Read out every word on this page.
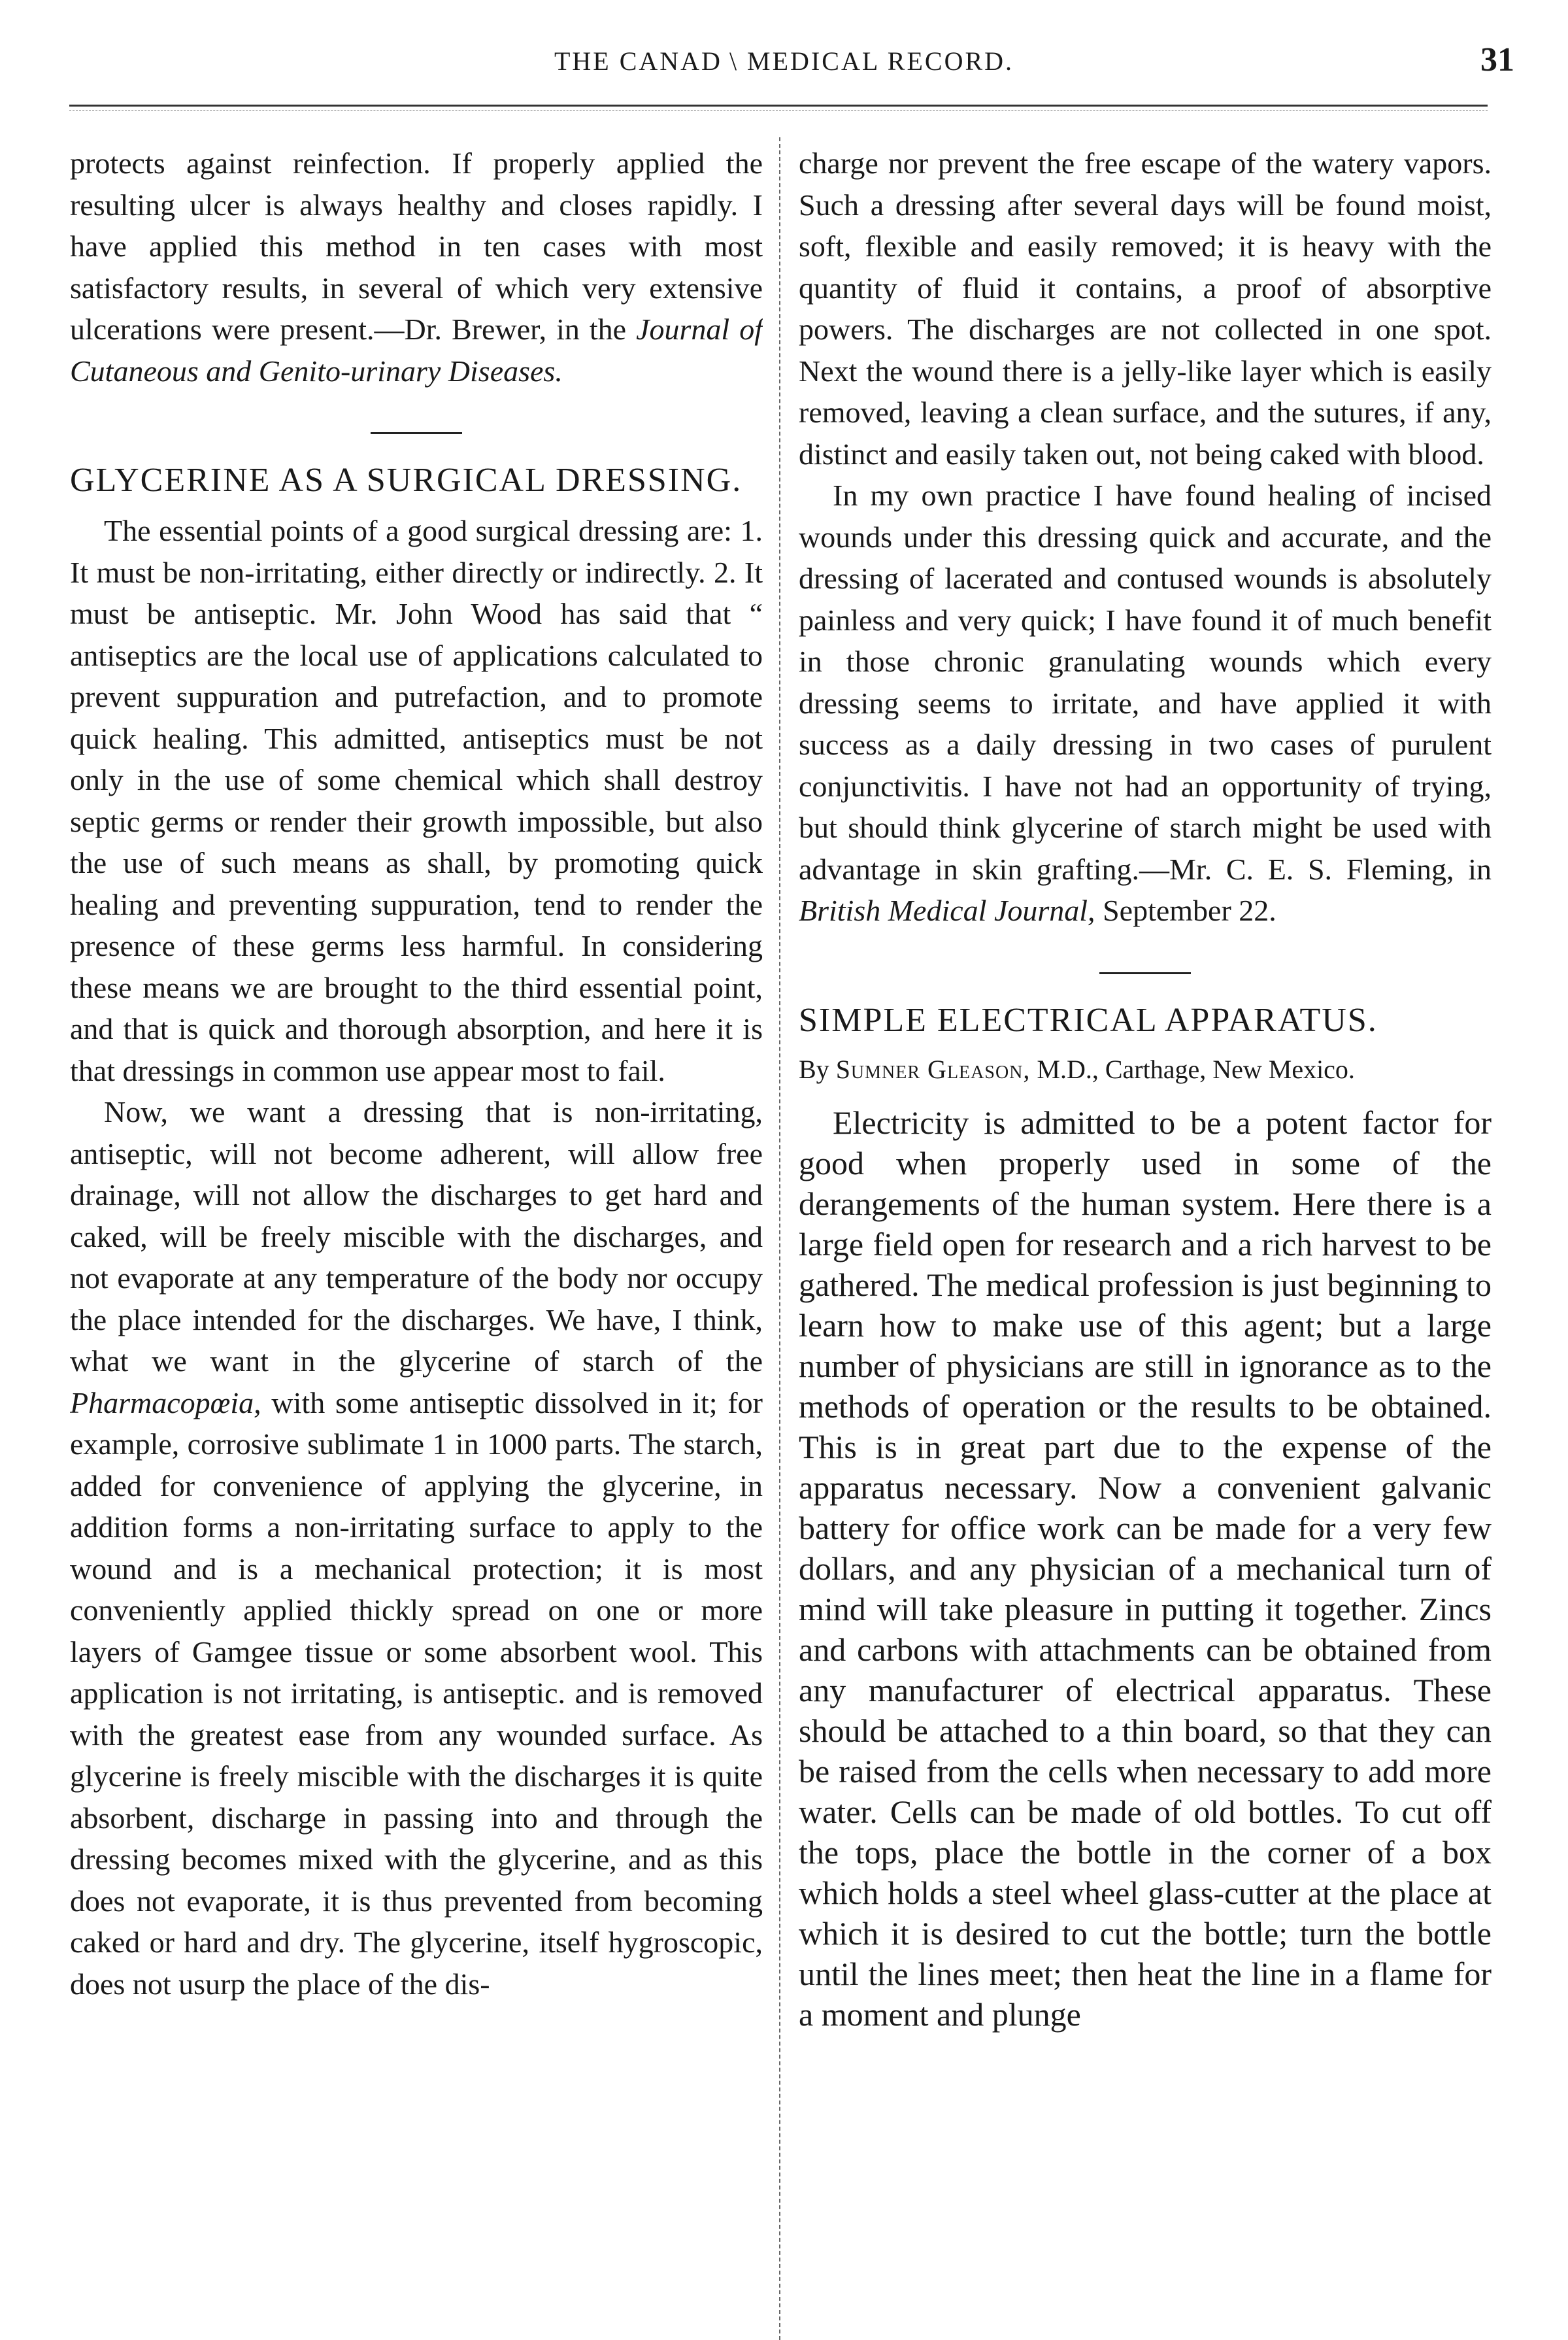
THE CANAD \ MEDICAL RECORD.	31

protects against reinfection. If properly applied the resulting ulcer is always healthy and closes rapidly. I have applied this method in ten cases with most satisfactory results, in several of which very extensive ulcerations were present.—Dr. Brewer, in the Journal of Cutaneous and Genito-urinary Diseases.

GLYCERINE AS A SURGICAL DRESSING.

The essential points of a good surgical dressing are: 1. It must be non-irritating, either directly or indirectly. 2. It must be antiseptic. Mr. John Wood has said that “ antiseptics are the local use of applications calculated to prevent suppuration and putrefaction, and to promote quick healing. This admitted, antiseptics must be not only in the use of some chemical which shall destroy septic germs or render their growth impossible, but also the use of such means as shall, by promoting quick healing and preventing suppuration, tend to render the presence of these germs less harmful. In considering these means we are brought to the third essential point, and that is quick and thorough absorption, and here it is that dressings in common use appear most to fail.

Now, we want a dressing that is non-irritating, antiseptic, will not become adherent, will allow free drainage, will not allow the discharges to get hard and caked, will be freely miscible with the discharges, and not evaporate at any temperature of the body nor occupy the place intended for the discharges. We have, I think, what we want in the glycerine of starch of the Pharmacopœia, with some antiseptic dissolved in it; for example, corrosive sublimate 1 in 1000 parts. The starch, added for convenience of applying the glycerine, in addition forms a non-irritating surface to apply to the wound and is a mechanical protection; it is most conveniently applied thickly spread on one or more layers of Gamgee tissue or some absorbent wool. This application is not irritating, is antiseptic. and is removed with the greatest ease from any wounded surface. As glycerine is freely miscible with the discharges it is quite absorbent, discharge in passing into and through the dressing becomes mixed with the glycerine, and as this does not evaporate, it is thus prevented from becoming caked or hard and dry. The glycerine, itself hygroscopic, does not usurp the place of the dis-

charge nor prevent the free escape of the watery vapors. Such a dressing after several days will be found moist, soft, flexible and easily removed; it is heavy with the quantity of fluid it contains, a proof of absorptive powers. The discharges are not collected in one spot. Next the wound there is a jelly-like layer which is easily removed, leaving a clean surface, and the sutures, if any, distinct and easily taken out, not being caked with blood.

In my own practice I have found healing of incised wounds under this dressing quick and accurate, and the dressing of lacerated and contused wounds is absolutely painless and very quick; I have found it of much benefit in those chronic granulating wounds which every dressing seems to irritate, and have applied it with success as a daily dressing in two cases of purulent conjunctivitis. I have not had an opportunity of trying, but should think glycerine of starch might be used with advantage in skin grafting.—Mr. C. E. S. Fleming, in British Medical Journal, September 22.

SIMPLE ELECTRICAL APPARATUS.
By Sumner Gleason, M.D., Carthage, New Mexico.

Electricity is admitted to be a potent factor for good when properly used in some of the derangements of the human system. Here there is a large field open for research and a rich harvest to be gathered. The medical profession is just beginning to learn how to make use of this agent; but a large number of physicians are still in ignorance as to the methods of operation or the results to be obtained. This is in great part due to the expense of the apparatus necessary. Now a convenient galvanic battery for office work can be made for a very few dollars, and any physician of a mechanical turn of mind will take pleasure in putting it together. Zincs and carbons with attachments can be obtained from any manufacturer of electrical apparatus. These should be attached to a thin board, so that they can be raised from the cells when necessary to add more water. Cells can be made of old bottles. To cut off the tops, place the bottle in the corner of a box which holds a steel wheel glass-cutter at the place at which it is desired to cut the bottle; turn the bottle until the lines meet; then heat the line in a flame for a moment and plunge
